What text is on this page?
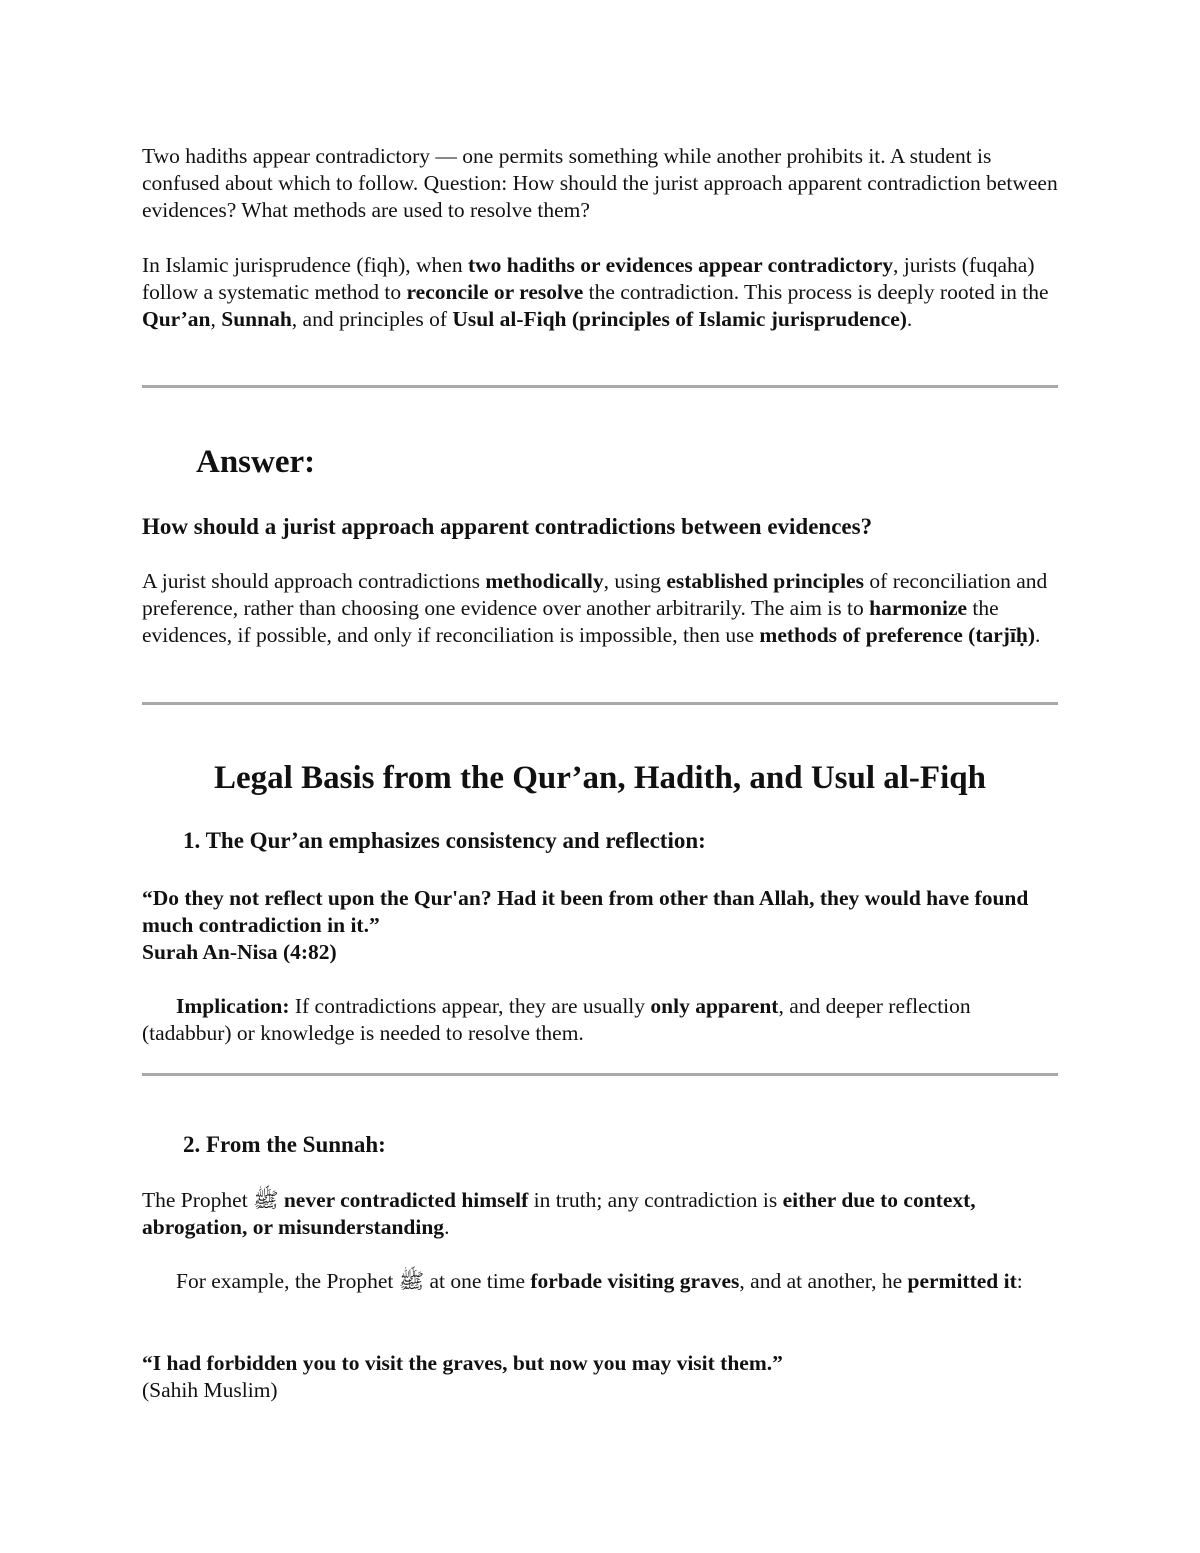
Two hadiths appear contradictory — one permits something while another prohibits it. A student is confused about which to follow. Question: How should the jurist approach apparent contradiction between evidences? What methods are used to resolve them?
In Islamic jurisprudence (fiqh), when two hadiths or evidences appear contradictory, jurists (fuqaha) follow a systematic method to reconcile or resolve the contradiction. This process is deeply rooted in the Qur’an, Sunnah, and principles of Usul al-Fiqh (principles of Islamic jurisprudence).
Answer:
How should a jurist approach apparent contradictions between evidences?
A jurist should approach contradictions methodically, using established principles of reconciliation and preference, rather than choosing one evidence over another arbitrarily. The aim is to harmonize the evidences, if possible, and only if reconciliation is impossible, then use methods of preference (tarjīḥ).
Legal Basis from the Qur’an, Hadith, and Usul al-Fiqh
1. The Qur’an emphasizes consistency and reflection:
“Do they not reflect upon the Qur'an? Had it been from other than Allah, they would have found much contradiction in it.”
Surah An-Nisa (4:82)
Implication: If contradictions appear, they are usually only apparent, and deeper reflection (tadabbur) or knowledge is needed to resolve them.
2. From the Sunnah:
The Prophet ﷺ never contradicted himself in truth; any contradiction is either due to context, abrogation, or misunderstanding.
For example, the Prophet ﷺ at one time forbade visiting graves, and at another, he permitted it:
“I had forbidden you to visit the graves, but now you may visit them.”
(Sahih Muslim)
